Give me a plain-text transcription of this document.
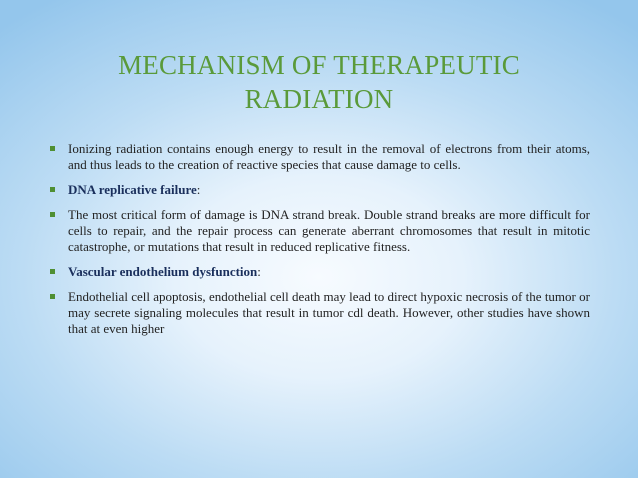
MECHANISM OF THERAPEUTIC
RADIATION
Ionizing radiation contains enough energy to result in the removal of electrons from their atoms, and thus leads to the creation of reactive species that cause damage to cells.
DNA replicative failure:
The most critical form of damage is DNA strand break. Double strand breaks are more difficult for cells to repair, and the repair process can generate aberrant chromosomes that result in mitotic catastrophe, or mutations that result in reduced replicative fitness.
Vascular endothelium dysfunction:
Endothelial cell apoptosis, endothelial cell death may lead to direct hypoxic necrosis of the tumor or may secrete signaling molecules that result in tumor cdl death. However, other studies have shown that at even higher
